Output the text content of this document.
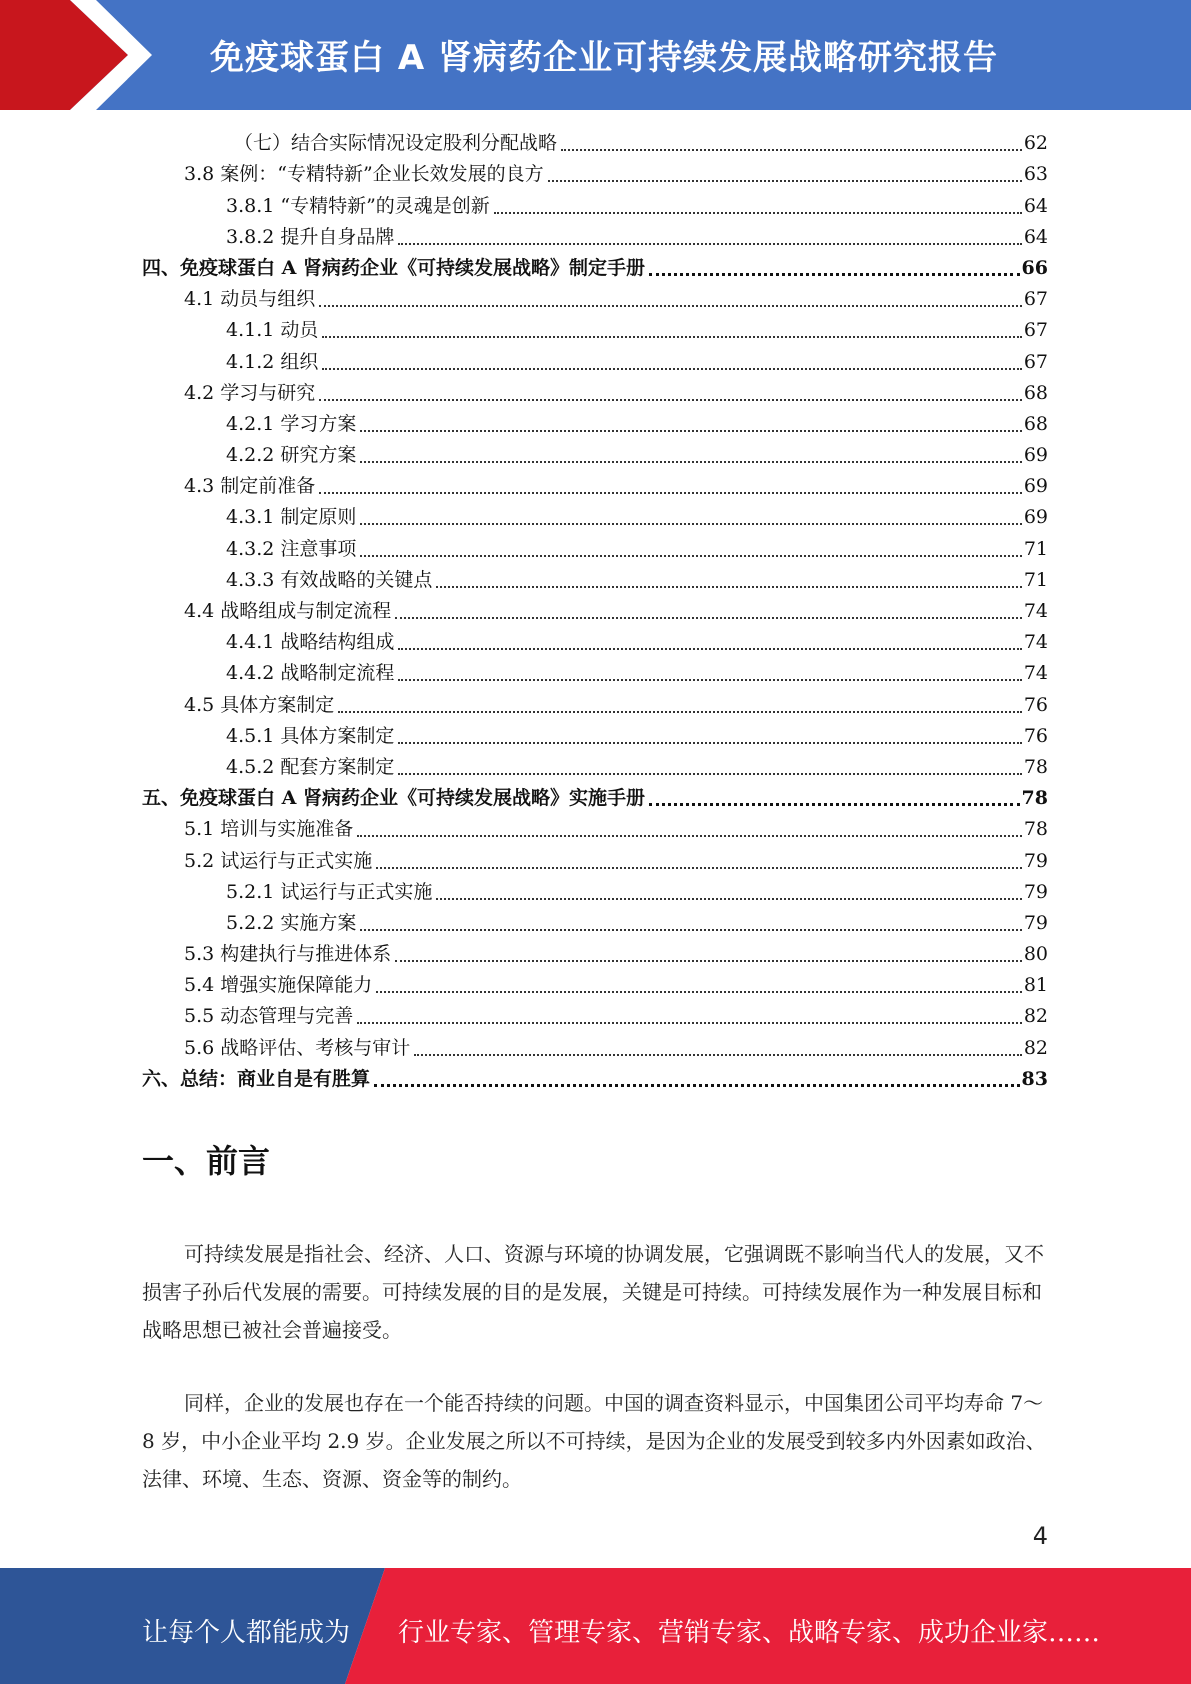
免疫球蛋白 A 肾病药企业可持续发展战略研究报告
（七）结合实际情况设定股利分配战略	62
3.8 案例：“专精特新”企业长效发展的良方	63
3.8.1 “专精特新”的灵魂是创新	64
3.8.2 提升自身品牌	64
四、免疫球蛋白 A 肾病药企业《可持续发展战略》制定手册	66
4.1 动员与组织	67
4.1.1 动员	67
4.1.2 组织	67
4.2 学习与研究	68
4.2.1 学习方案	68
4.2.2 研究方案	69
4.3 制定前准备	69
4.3.1 制定原则	69
4.3.2 注意事项	71
4.3.3 有效战略的关键点	71
4.4 战略组成与制定流程	74
4.4.1 战略结构组成	74
4.4.2 战略制定流程	74
4.5 具体方案制定	76
4.5.1 具体方案制定	76
4.5.2 配套方案制定	78
五、免疫球蛋白 A 肾病药企业《可持续发展战略》实施手册	78
5.1 培训与实施准备	78
5.2 试运行与正式实施	79
5.2.1 试运行与正式实施	79
5.2.2 实施方案	79
5.3 构建执行与推进体系	80
5.4 增强实施保障能力	81
5.5 动态管理与完善	82
5.6 战略评估、考核与审计	82
六、总结：商业自是有胜算	83
一、前言
可持续发展是指社会、经济、人口、资源与环境的协调发展，它强调既不影响当代人的发展，又不损害子孙后代发展的需要。可持续发展的目的是发展，关键是可持续。可持续发展作为一种发展目标和战略思想已被社会普遍接受。
同样，企业的发展也存在一个能否持续的问题。中国的调查资料显示，中国集团公司平均寿命 7～8 岁，中小企业平均 2.9 岁。企业发展之所以不可持续，是因为企业的发展受到较多内外因素如政治、法律、环境、生态、资源、资金等的制约。
4
让每个人都能成为 行业专家、管理专家、营销专家、战略专家、成功企业家……
